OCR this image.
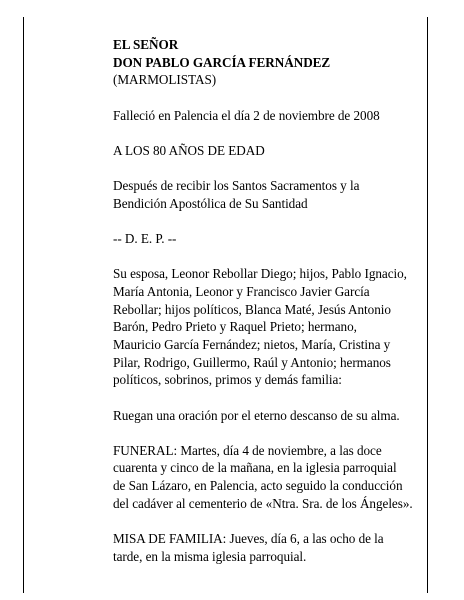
EL SEÑOR

DON PABLO GARCÍA FERNÁNDEZ

(MARMOLISTAS)

Falleció en Palencia el día 2 de noviembre de 2008

A LOS 80 AÑOS DE EDAD

Después de recibir los Santos Sacramentos y la
Bendición Apostólica de Su Santidad

-- D. E. P. --

Su esposa, Leonor Rebollar Diego; hijos, Pablo Ignacio,
María Antonia, Leonor y Francisco Javier García
Rebollar; hijos políticos, Blanca Maté, Jesús Antonio
Barón, Pedro Prieto y Raquel Prieto; hermano,
Mauricio García Fernández; nietos, María, Cristina y
Pilar, Rodrigo, Guillermo, Raúl y Antonio; hermanos
políticos, sobrinos, primos y demás familia:

Ruegan una oración por el eterno descanso de su alma.

FUNERAL: Martes, día 4 de noviembre, a las doce
cuarenta y cinco de la mañana, en la iglesia parroquial
de San Lázaro, en Palencia, acto seguido la conducción
del cadáver al cementerio de «Ntra. Sra. de los Ángeles».
MISA DE FAMILIA: Jueves, día 6, a las ocho de la
tarde, en la misma iglesia parroquial.
